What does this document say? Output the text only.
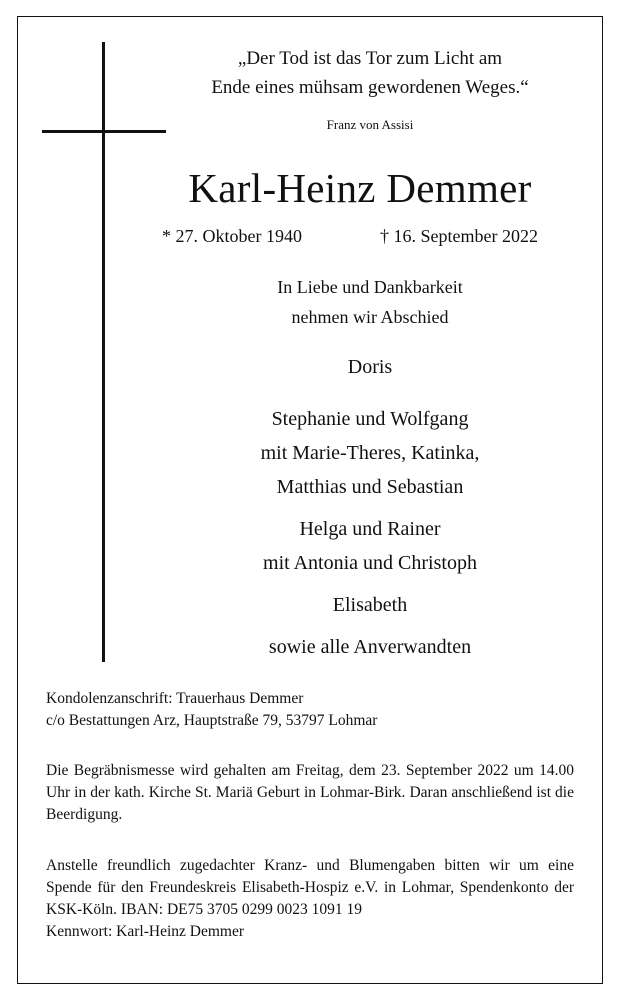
„Der Tod ist das Tor zum Licht am
Ende eines mühsam gewordenen Weges.“
Franz von Assisi
Karl-Heinz Demmer
* 27. Oktober 1940	† 16. September 2022
In Liebe und Dankbarkeit
nehmen wir Abschied
Doris
Stephanie und Wolfgang
mit Marie-Theres, Katinka,
Matthias und Sebastian
Helga und Rainer
mit Antonia und Christoph
Elisabeth
sowie alle Anverwandten
Kondolenzanschrift: Trauerhaus Demmer
c/o Bestattungen Arz, Hauptstraße 79, 53797 Lohmar

Die Begräbnismesse wird gehalten am Freitag, dem 23. September 2022 um 14.00 Uhr in der kath. Kirche St. Mariä Geburt in Lohmar-Birk. Daran anschließend ist die Beerdigung.

Anstelle freundlich zugedachter Kranz- und Blumengaben bitten wir um eine Spende für den Freundeskreis Elisabeth-Hospiz e.V. in Lohmar, Spendenkonto der KSK-Köln. IBAN: DE75 3705 0299 0023 1091 19

Kennwort: Karl-Heinz Demmer
